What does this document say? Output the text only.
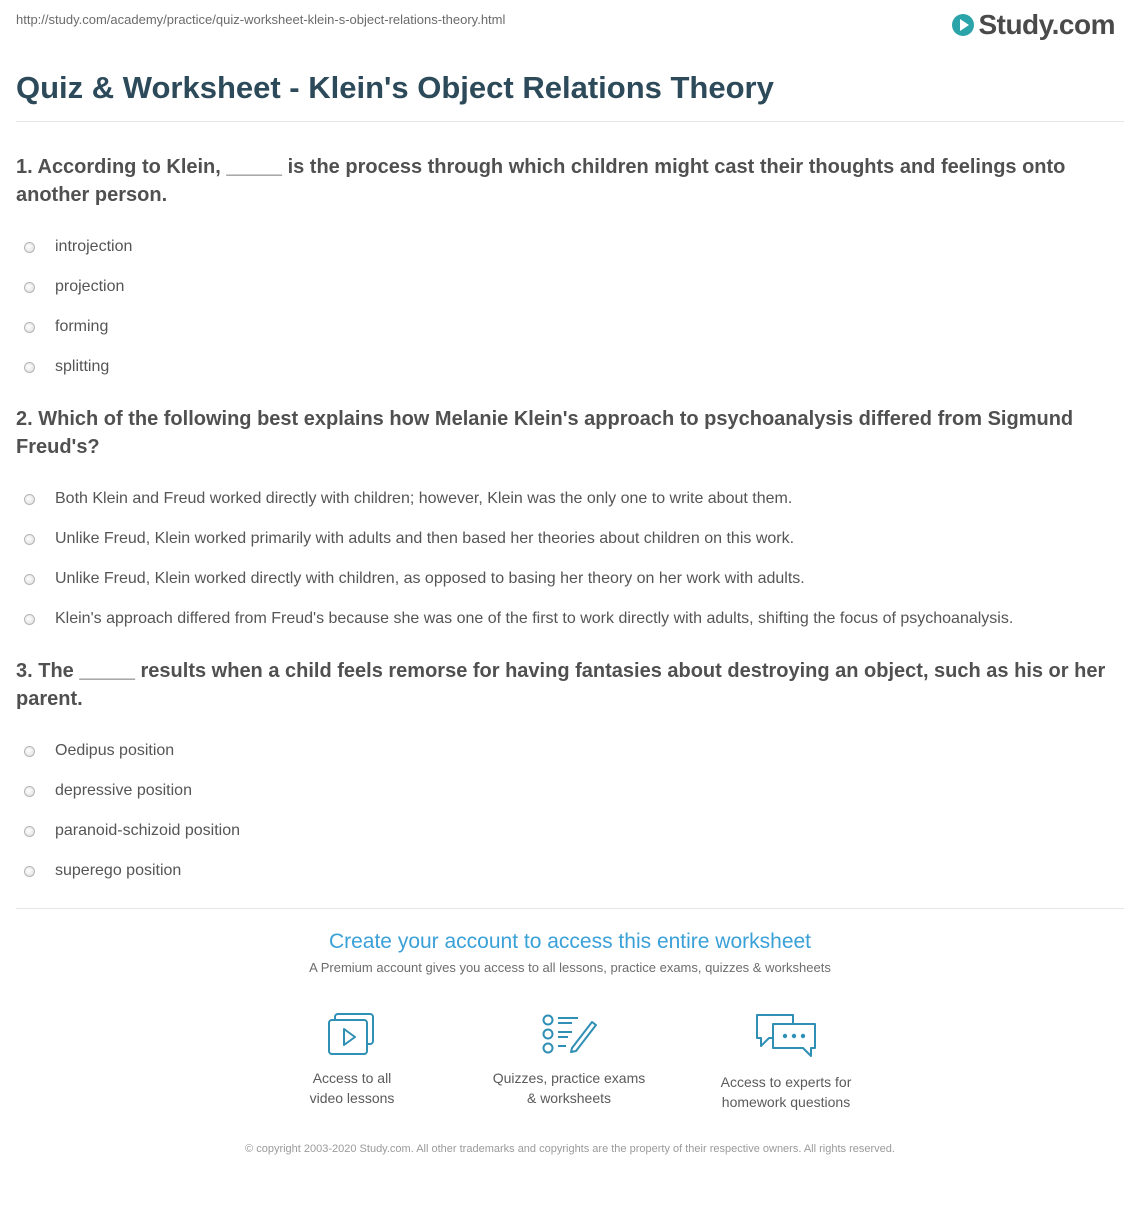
http://study.com/academy/practice/quiz-worksheet-klein-s-object-relations-theory.html	Study.com
Quiz & Worksheet - Klein's Object Relations Theory
1. According to Klein, _____ is the process through which children might cast their thoughts and feelings onto another person.
introjection
projection
forming
splitting
2. Which of the following best explains how Melanie Klein's approach to psychoanalysis differed from Sigmund Freud's?
Both Klein and Freud worked directly with children; however, Klein was the only one to write about them.
Unlike Freud, Klein worked primarily with adults and then based her theories about children on this work.
Unlike Freud, Klein worked directly with children, as opposed to basing her theory on her work with adults.
Klein's approach differed from Freud's because she was one of the first to work directly with adults, shifting the focus of psychoanalysis.
3. The _____ results when a child feels remorse for having fantasies about destroying an object, such as his or her parent.
Oedipus position
depressive position
paranoid-schizoid position
superego position
Create your account to access this entire worksheet
A Premium account gives you access to all lessons, practice exams, quizzes & worksheets
Access to all
video lessons
Quizzes, practice exams
& worksheets
Access to experts for
homework questions
© copyright 2003-2020 Study.com. All other trademarks and copyrights are the property of their respective owners. All rights reserved.
